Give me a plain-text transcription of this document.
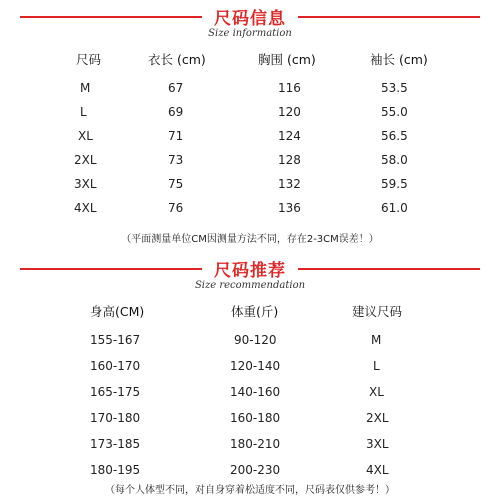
尺码信息
Size information
尺码	衣长 (cm)	胸围 (cm)	袖长 (cm)
M	67	116	53.5
L	69	120	55.0
XL	71	124	56.5
2XL	73	128	58.0
3XL	75	132	59.5
4XL	76	136	61.0
（平面测量单位CM因测量方法不同，存在2-3CM误差！）
尺码推荐
Size recommendation
身高(CM)	体重(斤)	建议尺码
155-167	90-120	M
160-170	120-140	L
165-175	140-160	XL
170-180	160-180	2XL
173-185	180-210	3XL
180-195	200-230	4XL
（每个人体型不同，对自身穿着松适度不同，尺码表仅供参考！）
